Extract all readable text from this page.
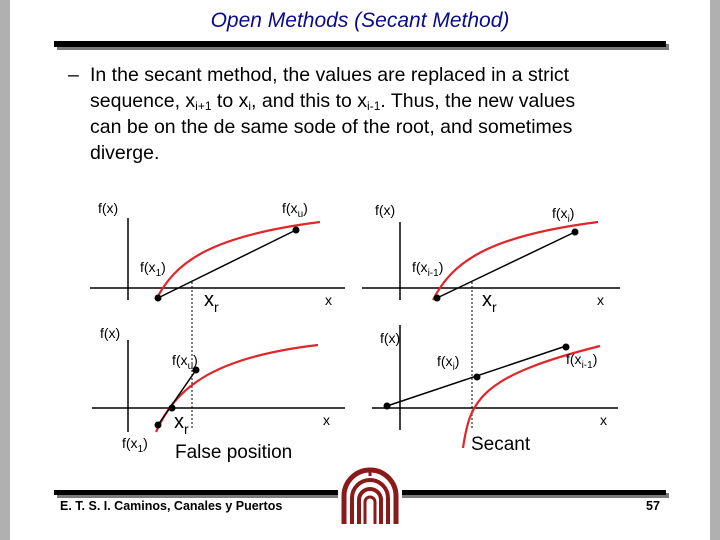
Open Methods (Secant Method)
– In the secant method, the values are replaced in a strict
sequence, $x_{i+1}$ to $x_i$, and this to $x_{i-1}$. Thus, the new values
can be on the de same sode of the root, and sometimes
diverge.
f(x)	$f(x_u)$
$f(x_1)$
$x_r$	x
f(x)	$f(x_i)$
$f(x_{i-1})$
$x_r$	x
f(x)
$f(x_u)$
$f(x_1)$
$x_r$
x
f(x)
$f(x_i)$	$f(x_{i-1})$
x
False position	Secant
E. T. S. I. Caminos, Canales y Puertos	57
